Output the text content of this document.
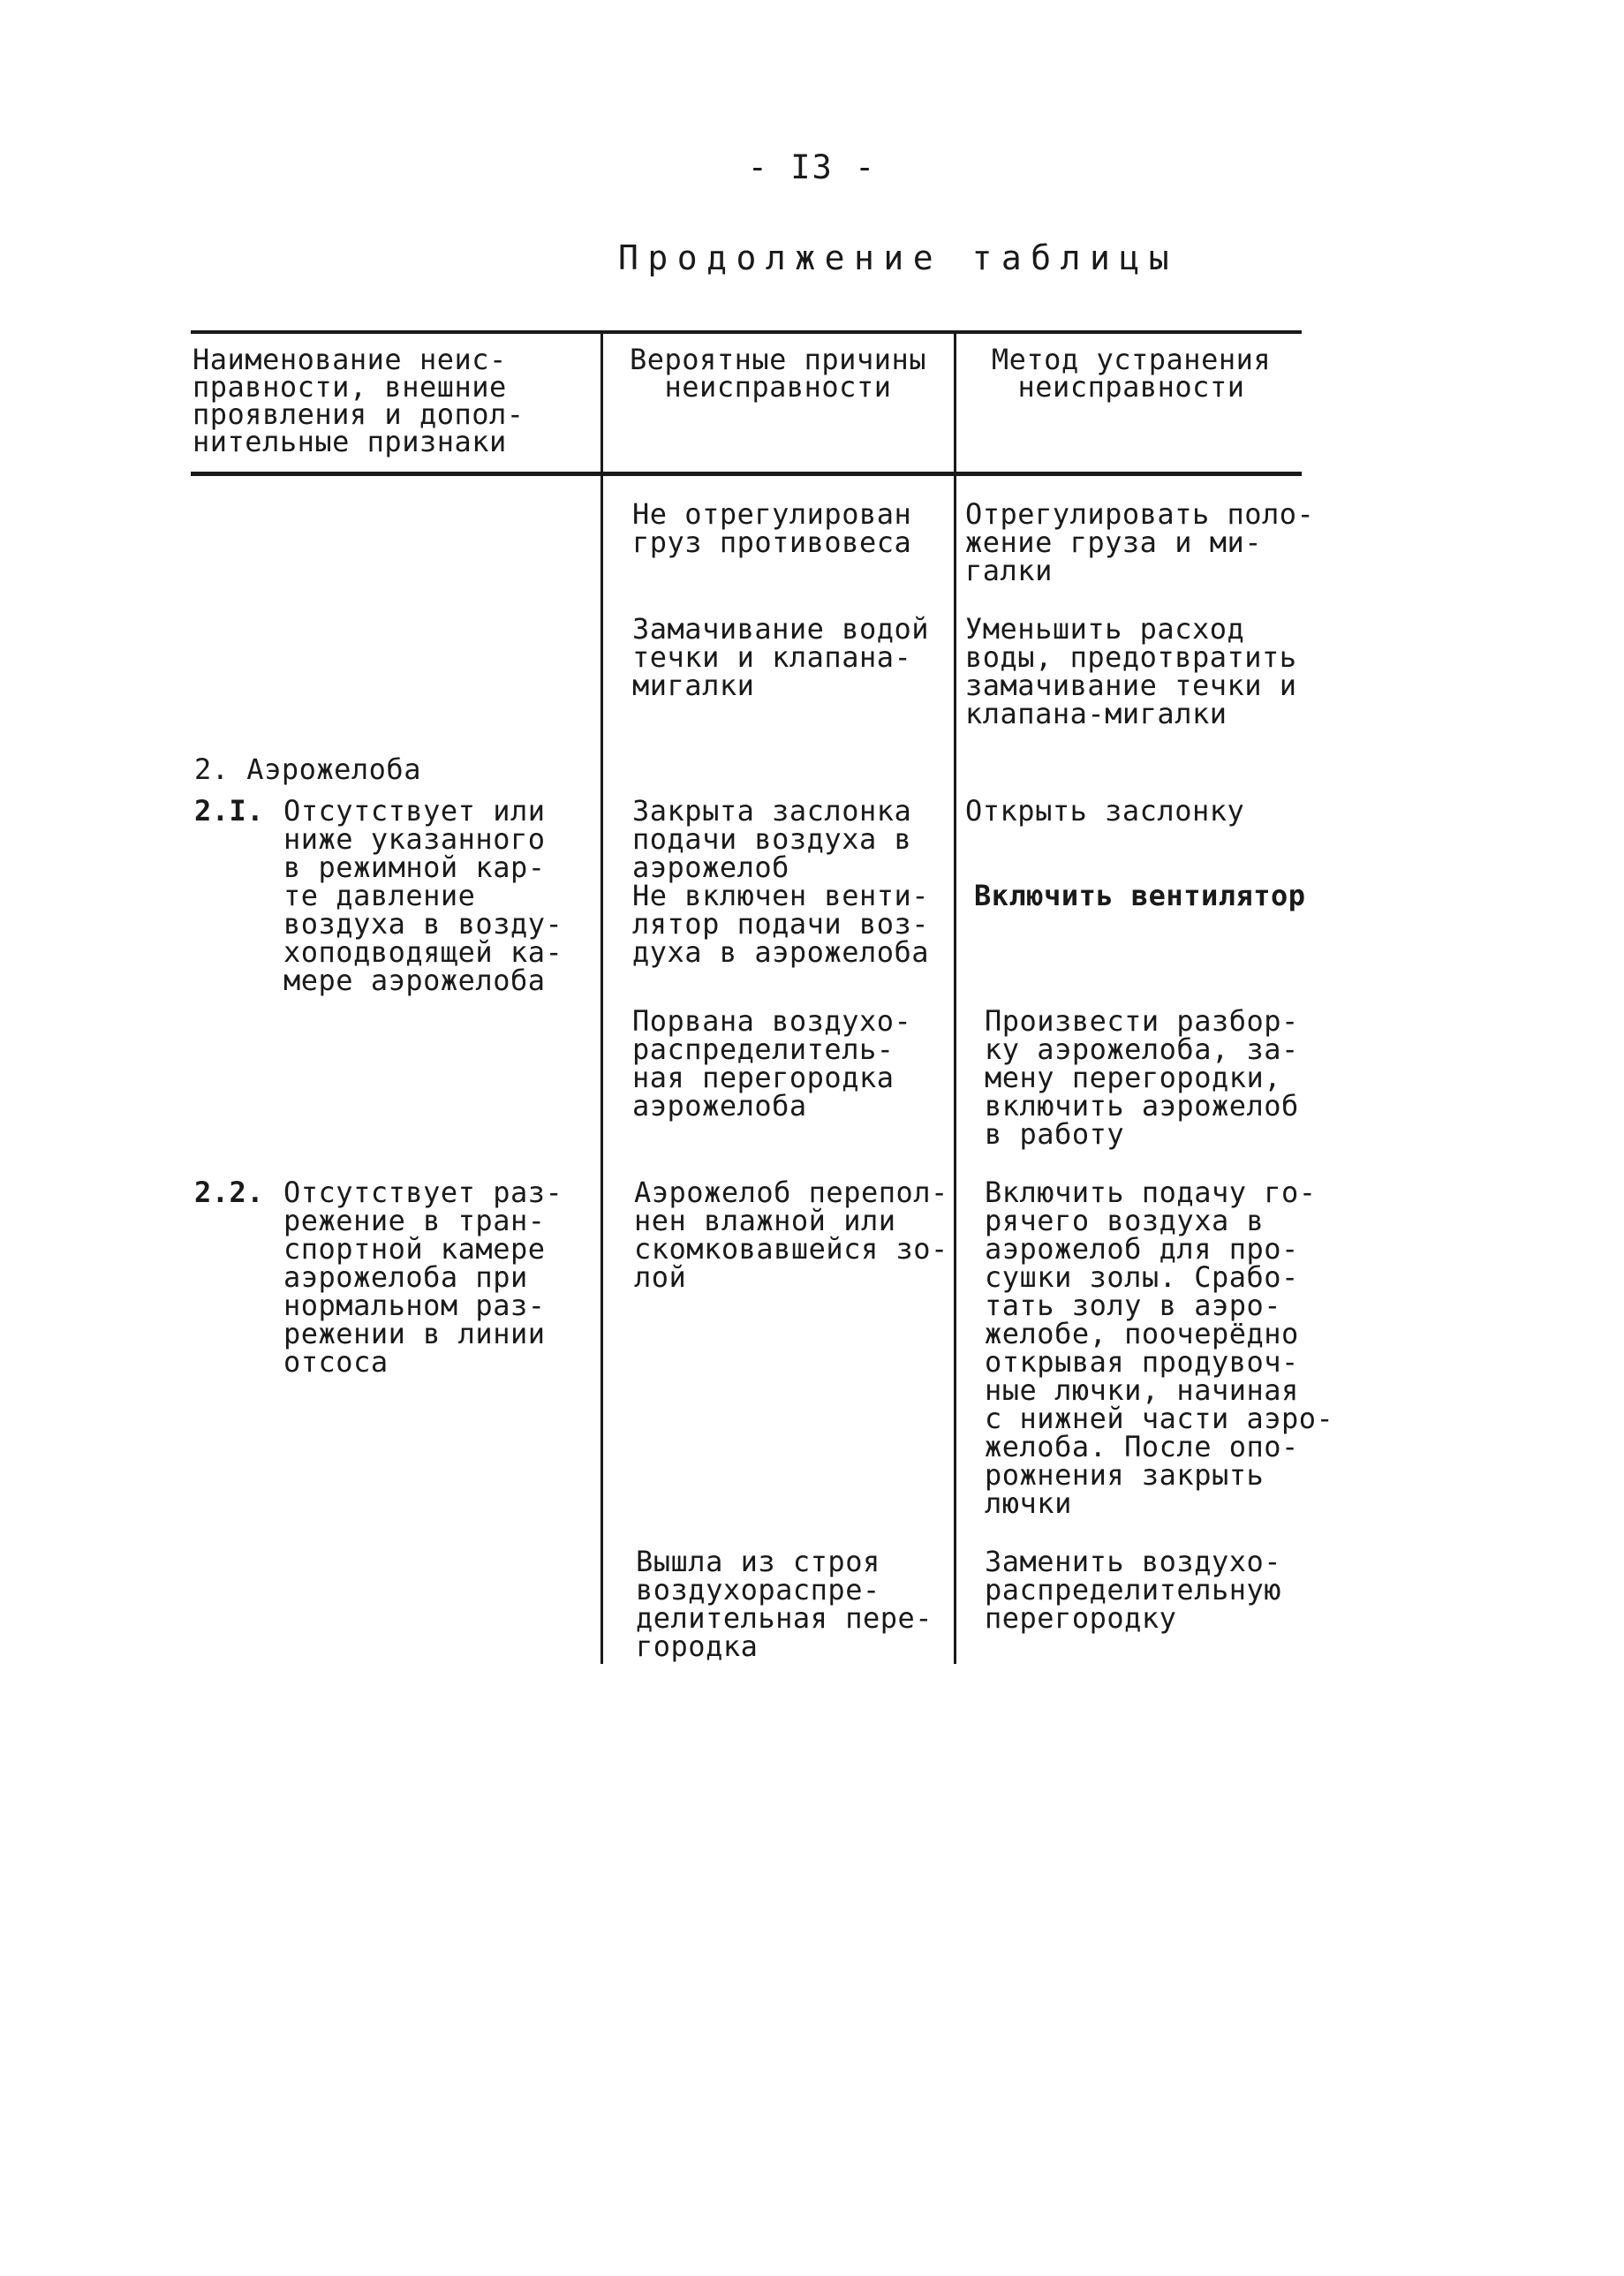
- I3 -
Продолжение таблицы
Наименование неис-
правности, внешние
проявления и допол-
нительные признаки
Вероятные причины
неисправности
Метод устранения
неисправности
Не отрегулирован
груз противовеса
Отрегулировать поло-
жение груза и ми-
галки
Замачивание водой
течки и клапана-
мигалки
Уменьшить расход
воды, предотвратить
замачивание течки и
клапана-мигалки
2. Аэрожелоба
2.I. Отсутствует или
ниже указанного
в режимной кар-
те давление
воздуха в возду-
хоподводящей ка-
мере аэрожелоба
Закрыта заслонка
подачи воздуха в
аэрожелоб
Открыть заслонку
Не включен венти-
лятор подачи воз-
духа в аэрожелоба
Включить вентилятор
Порвана воздухо-
распределитель-
ная перегородка
аэрожелоба
Произвести разбор-
ку аэрожелоба, за-
мену перегородки,
включить аэрожелоб
в работу
2.2. Отсутствует раз-
режение в тран-
спортной камере
аэрожелоба при
нормальном раз-
режении в линии
отсоса
Аэрожелоб перепол-
нен влажной или
скомковавшейся зо-
лой
Включить подачу го-
рячего воздуха в
аэрожелоб для про-
сушки золы. Срабо-
тать золу в аэро-
желобе, поочерёдно
открывая продувоч-
ные лючки, начиная
с нижней части аэро-
желоба. После опо-
рожнения закрыть
лючки
Вышла из строя
воздухораспре-
делительная пере-
городка
Заменить воздухо-
распределительную
перегородку
